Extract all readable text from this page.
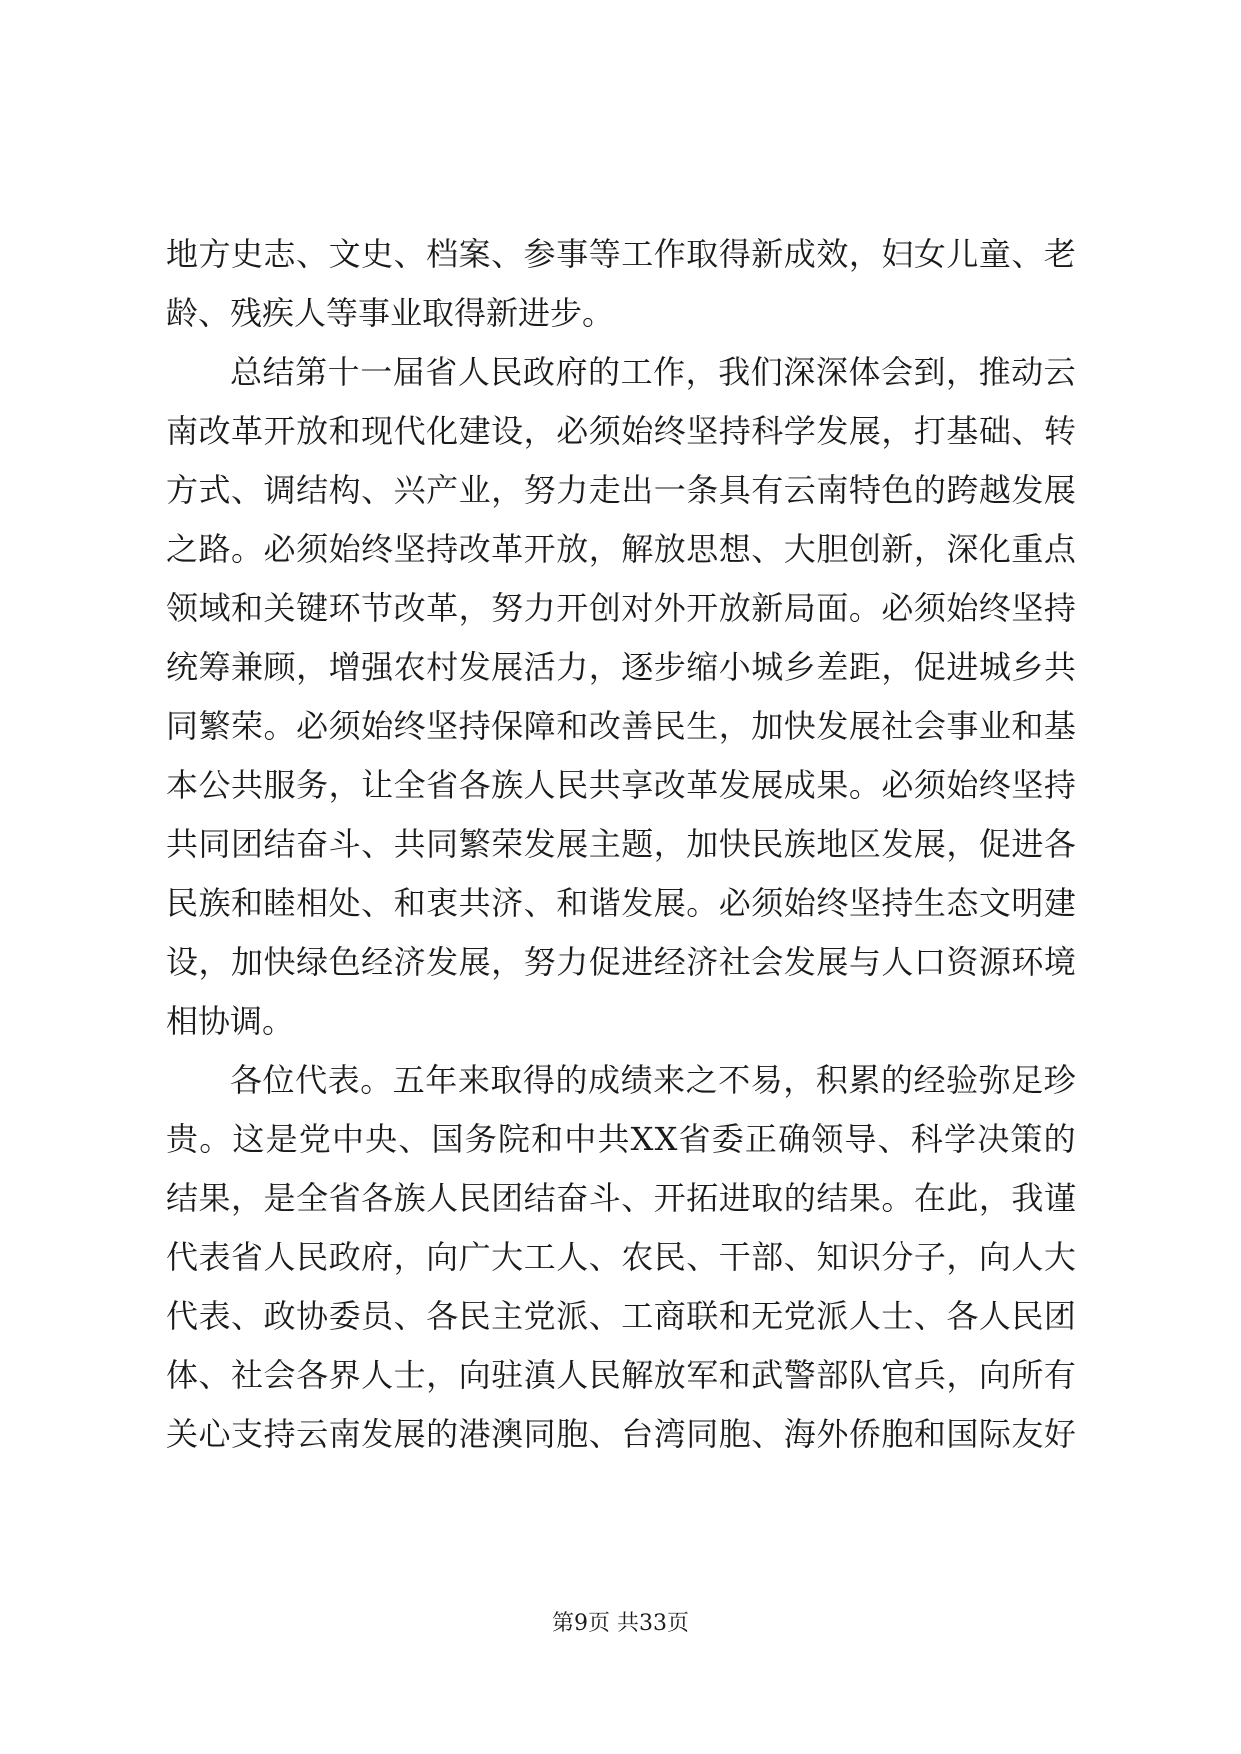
地 方 史 志 、 文 史 、 档 案 、 参 事 等 工 作 取 得 新 成 效 ， 妇 女 儿 童 、 老
龄、残疾人等事业取得新进步。
总 结 第 十 一 届 省 人 民 政 府 的 工 作 ， 我 们 深 深 体 会 到 ， 推 动 云
南 改 革 开 放 和 现 代 化 建 设 ， 必 须 始 终 坚 持 科 学 发 展 ， 打 基 础 、 转
方 式 、 调 结 构 、 兴 产 业 ， 努 力 走 出 一 条 具 有 云 南 特 色 的 跨 越 发 展
之 路 。 必 须 始 终 坚 持 改 革 开 放 ， 解 放 思 想 、 大 胆 创 新 ， 深 化 重 点
领 域 和 关 键 环 节 改 革 ， 努 力 开 创 对 外 开 放 新 局 面 。 必 须 始 终 坚 持
统 筹 兼 顾 ， 增 强 农 村 发 展 活 力 ， 逐 步 缩 小 城 乡 差 距 ， 促 进 城 乡 共
同 繁 荣 。 必 须 始 终 坚 持 保 障 和 改 善 民 生 ， 加 快 发 展 社 会 事 业 和 基
本 公 共 服 务 ， 让 全 省 各 族 人 民 共 享 改 革 发 展 成 果 。 必 须 始 终 坚 持
共 同 团 结 奋 斗 、 共 同 繁 荣 发 展 主 题 ， 加 快 民 族 地 区 发 展 ， 促 进 各
民 族 和 睦 相 处 、 和 衷 共 济 、 和 谐 发 展 。 必 须 始 终 坚 持 生 态 文 明 建
设 ， 加 快 绿 色 经 济 发 展 ， 努 力 促 进 经 济 社 会 发 展 与 人 口 资 源 环 境
相协调。
各 位 代 表 。 五 年 来 取 得 的 成 绩 来 之 不 易 ， 积 累 的 经 验 弥 足 珍
贵 。 这 是 党 中 央 、 国 务 院 和 中 共 X X 省 委 正 确 领 导 、 科 学 决 策 的
结 果 ， 是 全 省 各 族 人 民 团 结 奋 斗 、 开 拓 进 取 的 结 果 。 在 此 ， 我 谨
代 表 省 人 民 政 府 ， 向 广 大 工 人 、 农 民 、 干 部 、 知 识 分 子 ， 向 人 大
代 表 、 政 协 委 员 、 各 民 主 党 派 、 工 商 联 和 无 党 派 人 士 、 各 人 民 团
体 、 社 会 各 界 人 士 ， 向 驻 滇 人 民 解 放 军 和 武 警 部 队 官 兵 ， 向 所 有
关 心 支 持 云 南 发 展 的 港 澳 同 胞 、 台 湾 同 胞 、 海 外 侨 胞 和 国 际 友 好
第9页 共33页
